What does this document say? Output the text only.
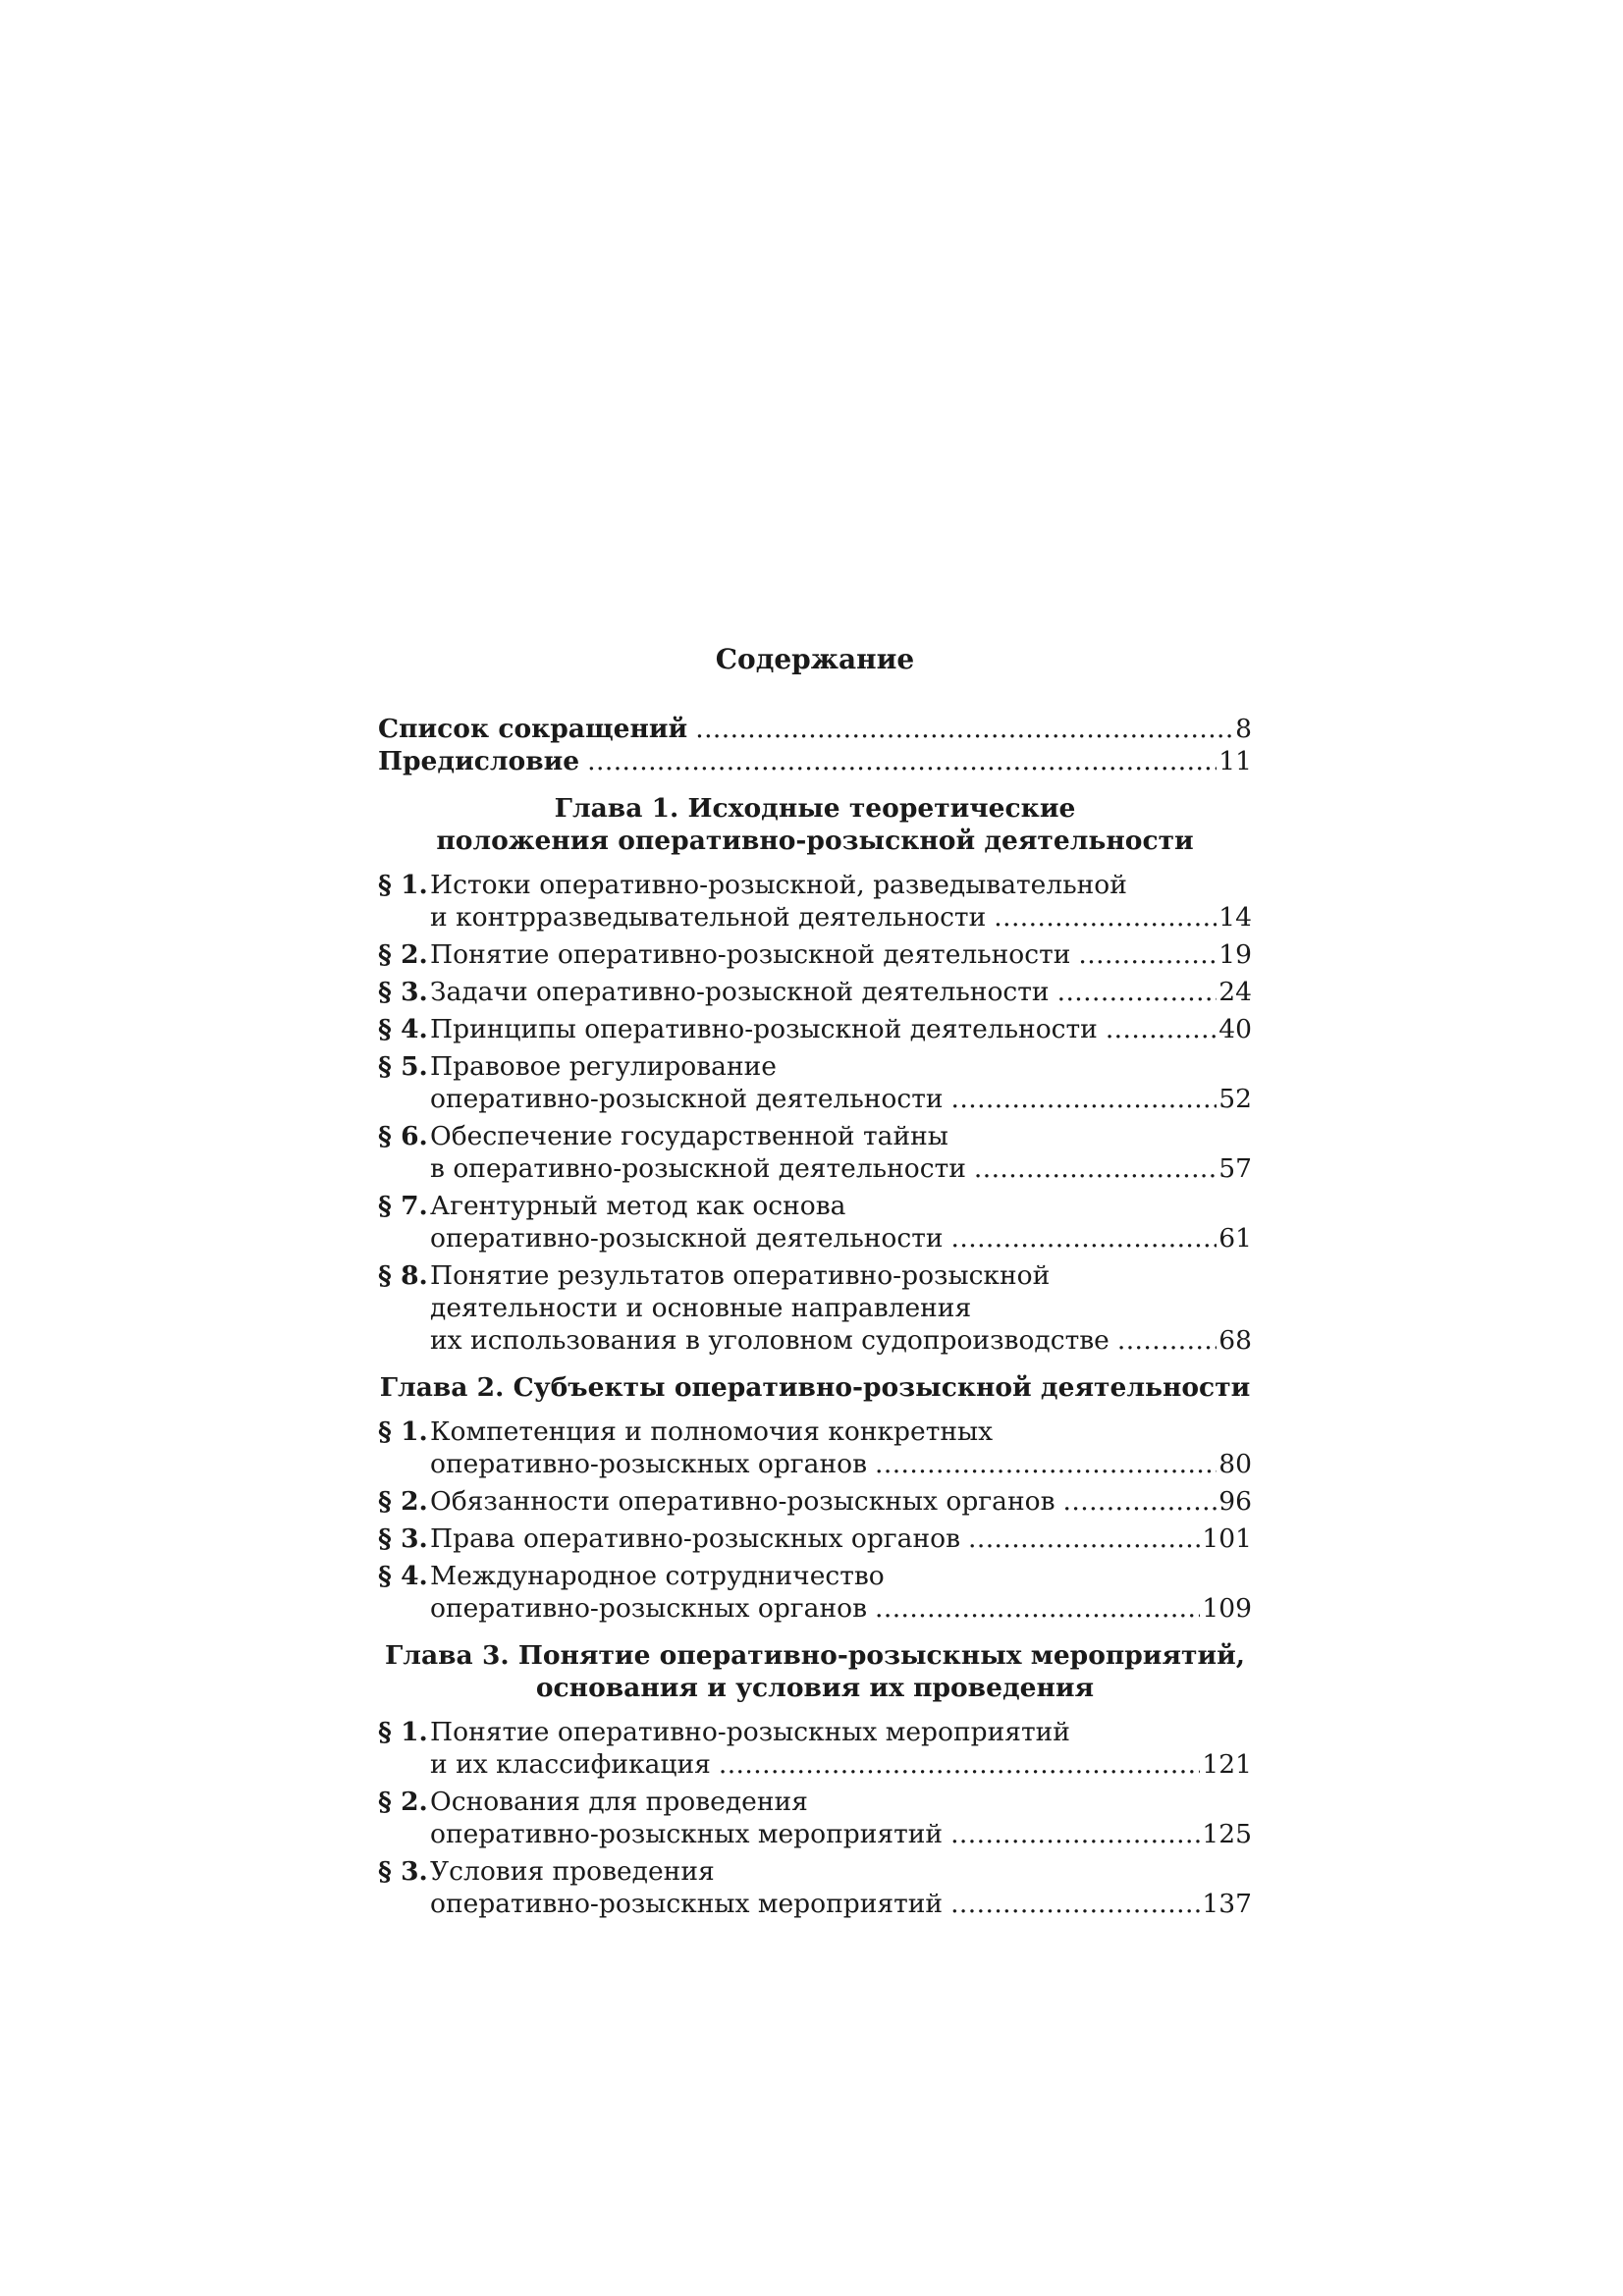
Содержание
Список сокращений . . .	8
Предисловие . . .	11
Глава 1. Исходные теоретические
положения оперативно-розыскной деятельности
§ 1. Истоки оперативно-розыскной, разведывательной
и контрразведывательной деятельности . . .	14
§ 2. Понятие оперативно-розыскной деятельности . . .	19
§ 3. Задачи оперативно-розыскной деятельности . . .	24
§ 4. Принципы оперативно-розыскной деятельности . . .	40
§ 5. Правовое регулирование
оперативно-розыскной деятельности . . .	52
§ 6. Обеспечение государственной тайны
в оперативно-розыскной деятельности . . .	57
§ 7. Агентурный метод как основа
оперативно-розыскной деятельности . . .	61
§ 8. Понятие результатов оперативно-розыскной
деятельности и основные направления
их использования в уголовном судопроизводстве . . .	68
Глава 2. Субъекты оперативно-розыскной деятельности
§ 1. Компетенция и полномочия конкретных
оперативно-розыскных органов . . .	80
§ 2. Обязанности оперативно-розыскных органов . . .	96
§ 3. Права оперативно-розыскных органов . . .	101
§ 4. Международное сотрудничество
оперативно-розыскных органов . . .	109
Глава 3. Понятие оперативно-розыскных мероприятий,
основания и условия их проведения
§ 1. Понятие оперативно-розыскных мероприятий
и их классификация . . .	121
§ 2. Основания для проведения
оперативно-розыскных мероприятий . . .	125
§ 3. Условия проведения
оперативно-розыскных мероприятий . . .	137
